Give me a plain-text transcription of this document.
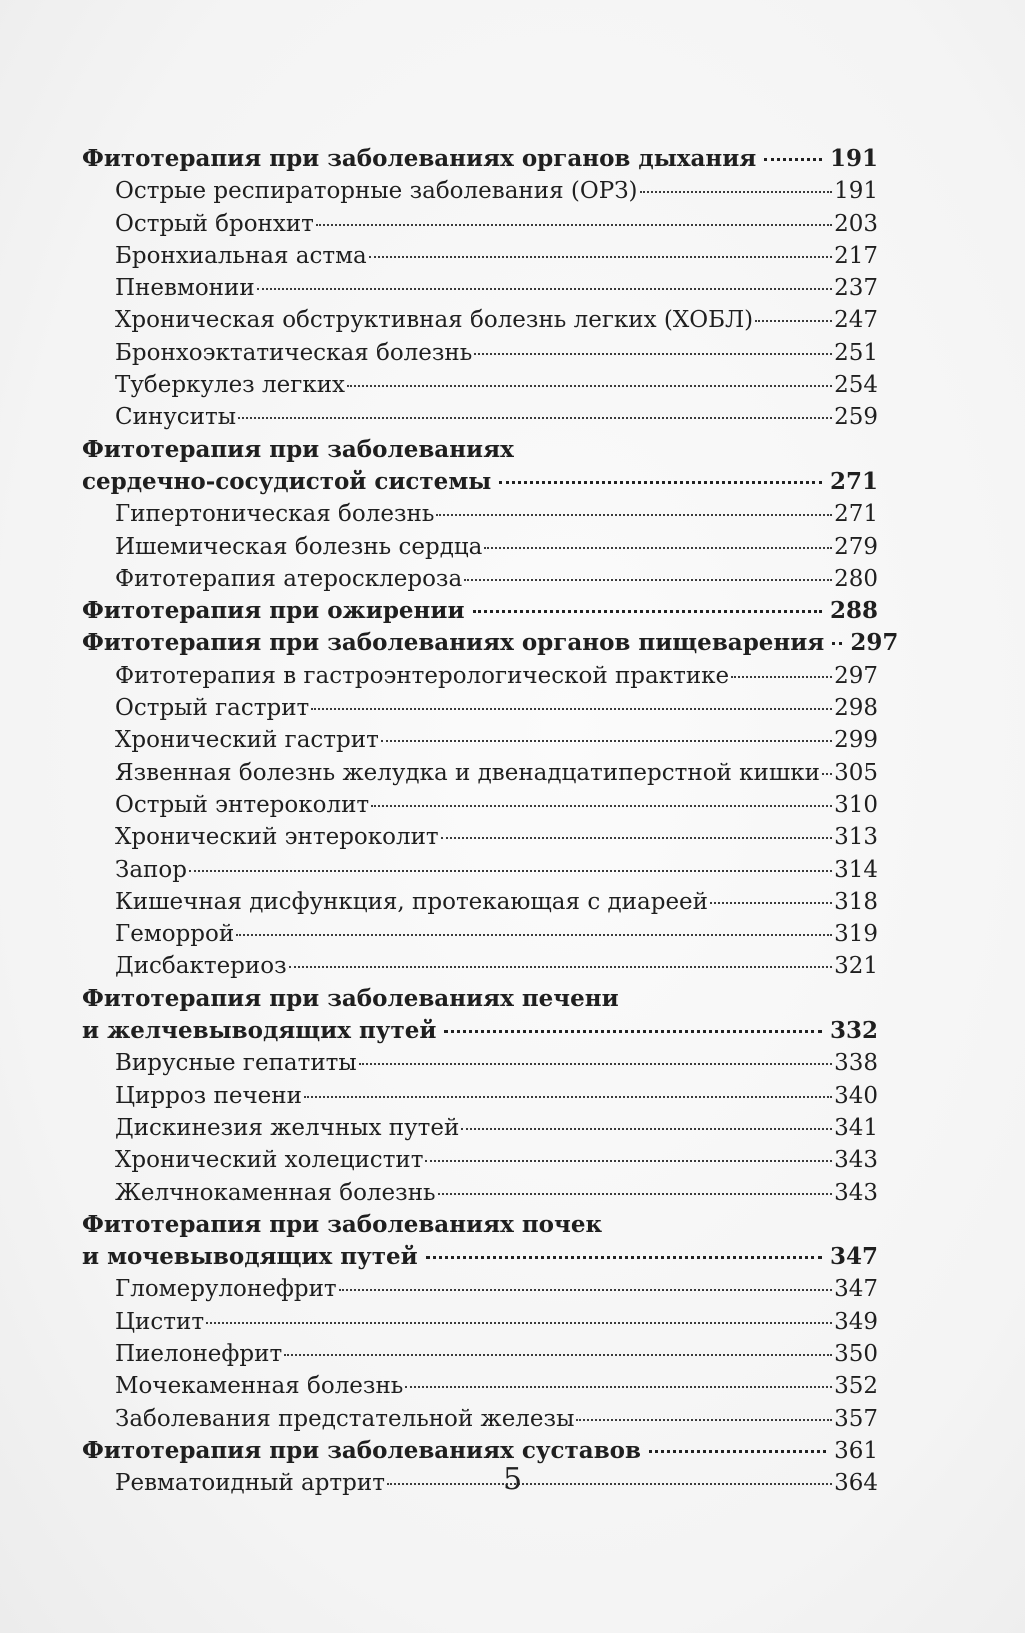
Фитотерапия при заболеваниях органов дыхания	191
Острые респираторные заболевания (ОРЗ)	191
Острый бронхит	203
Бронхиальная астма	217
Пневмонии	237
Хроническая обструктивная болезнь легких (ХОБЛ)	247
Бронхоэктатическая болезнь	251
Туберкулез легких	254
Синуситы	259
Фитотерапия при заболеваниях
сердечно-сосудистой системы	271
Гипертоническая болезнь	271
Ишемическая болезнь сердца	279
Фитотерапия атеросклероза	280
Фитотерапия при ожирении	288
Фитотерапия при заболеваниях органов пищеварения 297
Фитотерапия в гастроэнтерологической практике	297
Острый гастрит	298
Хронический гастрит	299
Язвенная болезнь желудка и двенадцатиперстной кишки 305
Острый энтероколит	310
Хронический энтероколит	313
Запор	314
Кишечная дисфункция, протекающая с диареей	318
Геморрой	319
Дисбактериоз	321
Фитотерапия при заболеваниях печени
и желчевыводящих путей	332
Вирусные гепатиты	338
Цирроз печени	340
Дискинезия желчных путей	341
Хронический холецистит	343
Желчнокаменная болезнь	343
Фитотерапия при заболеваниях почек
и мочевыводящих путей	347
Гломерулонефрит	347
Цистит	349
Пиелонефрит	350
Мочекаменная болезнь	352
Заболевания предстательной железы	357
Фитотерапия при заболеваниях суставов	361
Ревматоидный артрит	364
5
